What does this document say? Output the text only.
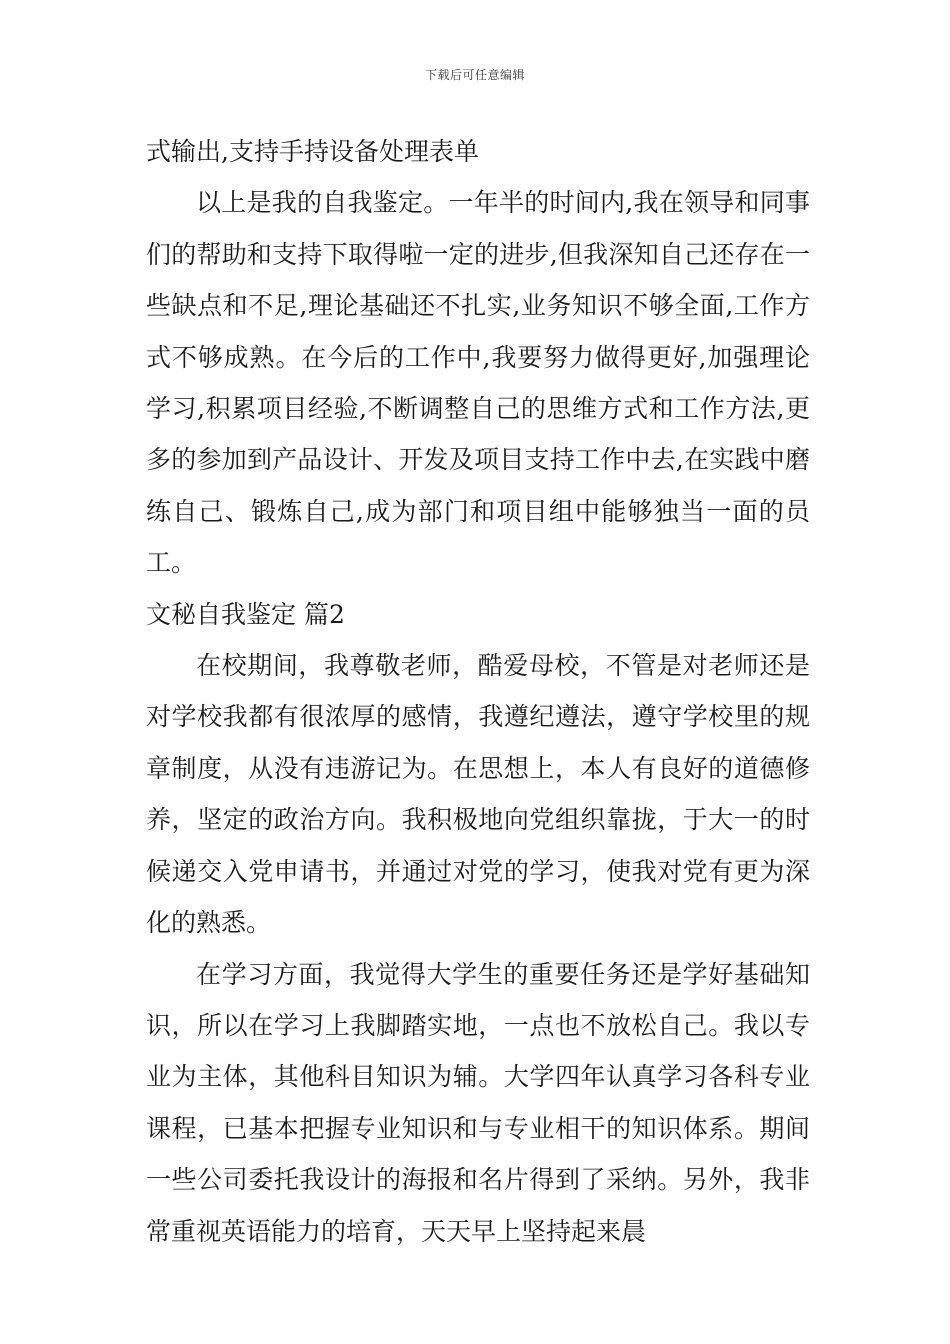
下载后可任意编辑

式输出,支持手持设备处理表单

以上是我的自我鉴定。一年半的时间内,我在领导和同事们的帮助和支持下取得啦一定的进步,但我深知自己还存在一些缺点和不足,理论基础还不扎实,业务知识不够全面,工作方式不够成熟。在今后的工作中,我要努力做得更好,加强理论学习,积累项目经验,不断调整自己的思维方式和工作方法,更多的参加到产品设计、开发及项目支持工作中去,在实践中磨练自己、锻炼自己,成为部门和项目组中能够独当一面的员工。

文秘自我鉴定 篇2

在校期间，我尊敬老师，酷爱母校，不管是对老师还是对学校我都有很浓厚的感情，我遵纪遵法，遵守学校里的规章制度，从没有违游记为。在思想上，本人有良好的道德修养，坚定的政治方向。我积极地向党组织靠拢，于大一的时候递交入党申请书，并通过对党的学习，使我对党有更为深化的熟悉。

在学习方面，我觉得大学生的重要任务还是学好基础知识，所以在学习上我脚踏实地，一点也不放松自己。我以专业为主体，其他科目知识为辅。大学四年认真学习各科专业课程，已基本把握专业知识和与专业相干的知识体系。期间一些公司委托我设计的海报和名片得到了采纳。另外，我非常重视英语能力的培育，天天早上坚持起来晨
